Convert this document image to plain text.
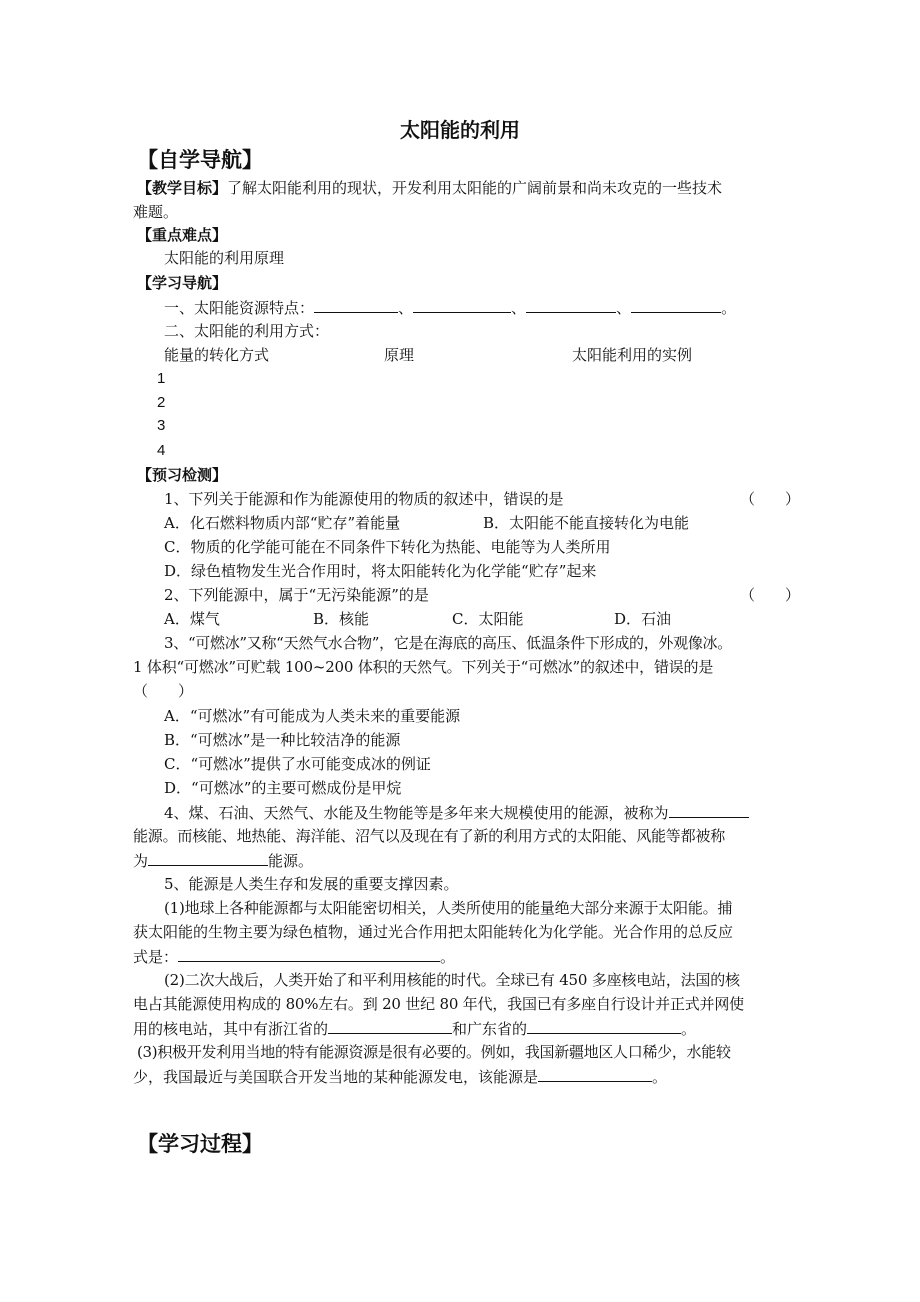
太阳能的利用
【自学导航】
【教学目标】了解太阳能利用的现状，开发利用太阳能的广阔前景和尚未攻克的一些技术
难题。
【重点难点】
太阳能的利用原理
【学习导航】
一、太阳能资源特点：	、	、	、	。
二、太阳能的利用方式：
能量的转化方式	原理	太阳能利用的实例
1
2
3
4
【预习检测】
1、下列关于能源和作为能源使用的物质的叙述中，错误的是	（　　）
A．化石燃料物质内部“贮存”着能量	B．太阳能不能直接转化为电能
C．物质的化学能可能在不同条件下转化为热能、电能等为人类所用
D．绿色植物发生光合作用时，将太阳能转化为化学能“贮存”起来
2、下列能源中，属于“无污染能源”的是	（　　）
A．煤气	B．核能	C．太阳能	D．石油
3、“可燃冰”又称“天然气水合物”，它是在海底的高压、低温条件下形成的，外观像冰。
1 体积“可燃冰”可贮载 100~200 体积的天然气。下列关于“可燃冰”的叙述中，错误的是
（　　）
A．“可燃冰”有可能成为人类未来的重要能源
B．“可燃冰”是一种比较洁净的能源
C．“可燃冰”提供了水可能变成冰的例证
D．“可燃冰”的主要可燃成份是甲烷
4、煤、石油、天然气、水能及生物能等是多年来大规模使用的能源，被称为
能源。而核能、地热能、海洋能、沼气以及现在有了新的利用方式的太阳能、风能等都被称
为	能源。
5、能源是人类生存和发展的重要支撑因素。
(1)地球上各种能源都与太阳能密切相关，人类所使用的能量绝大部分来源于太阳能。捕
获太阳能的生物主要为绿色植物，通过光合作用把太阳能转化为化学能。光合作用的总反应
式是：	。
(2)二次大战后，人类开始了和平利用核能的时代。全球已有 450 多座核电站，法国的核
电占其能源使用构成的 80%左右。到 20 世纪 80 年代，我国已有多座自行设计并正式并网使
用的核电站，其中有浙江省的	和广东省的	。
(3)积极开发利用当地的特有能源资源是很有必要的。例如，我国新疆地区人口稀少，水能较
少，我国最近与美国联合开发当地的某种能源发电，该能源是	。
【学习过程】
